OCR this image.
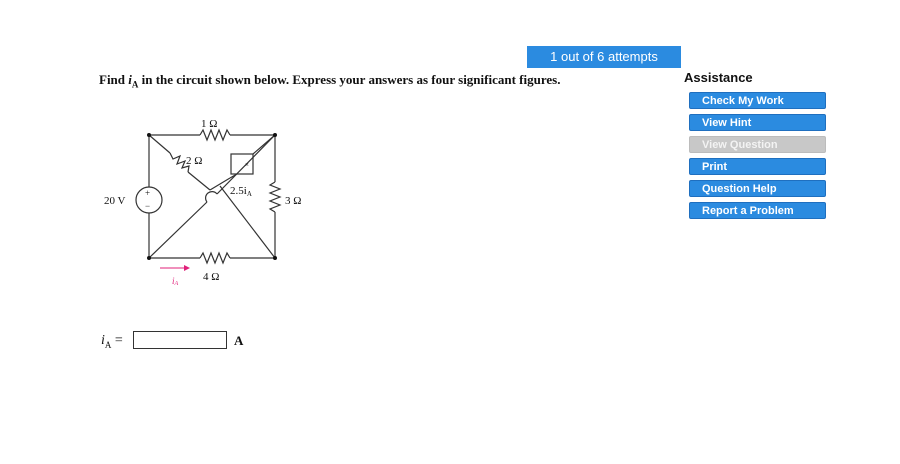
1 out of 6 attempts
Find $i_A$ in the circuit shown below. Express your answers as four significant figures.	Assistance
Check My Work
View Hint
View Question
Print
Question Help
Report a Problem
+
−
×
1 Ω
2 Ω
3 Ω
4 Ω
20 V
2.5iA
iA
$i_A$ =	A
